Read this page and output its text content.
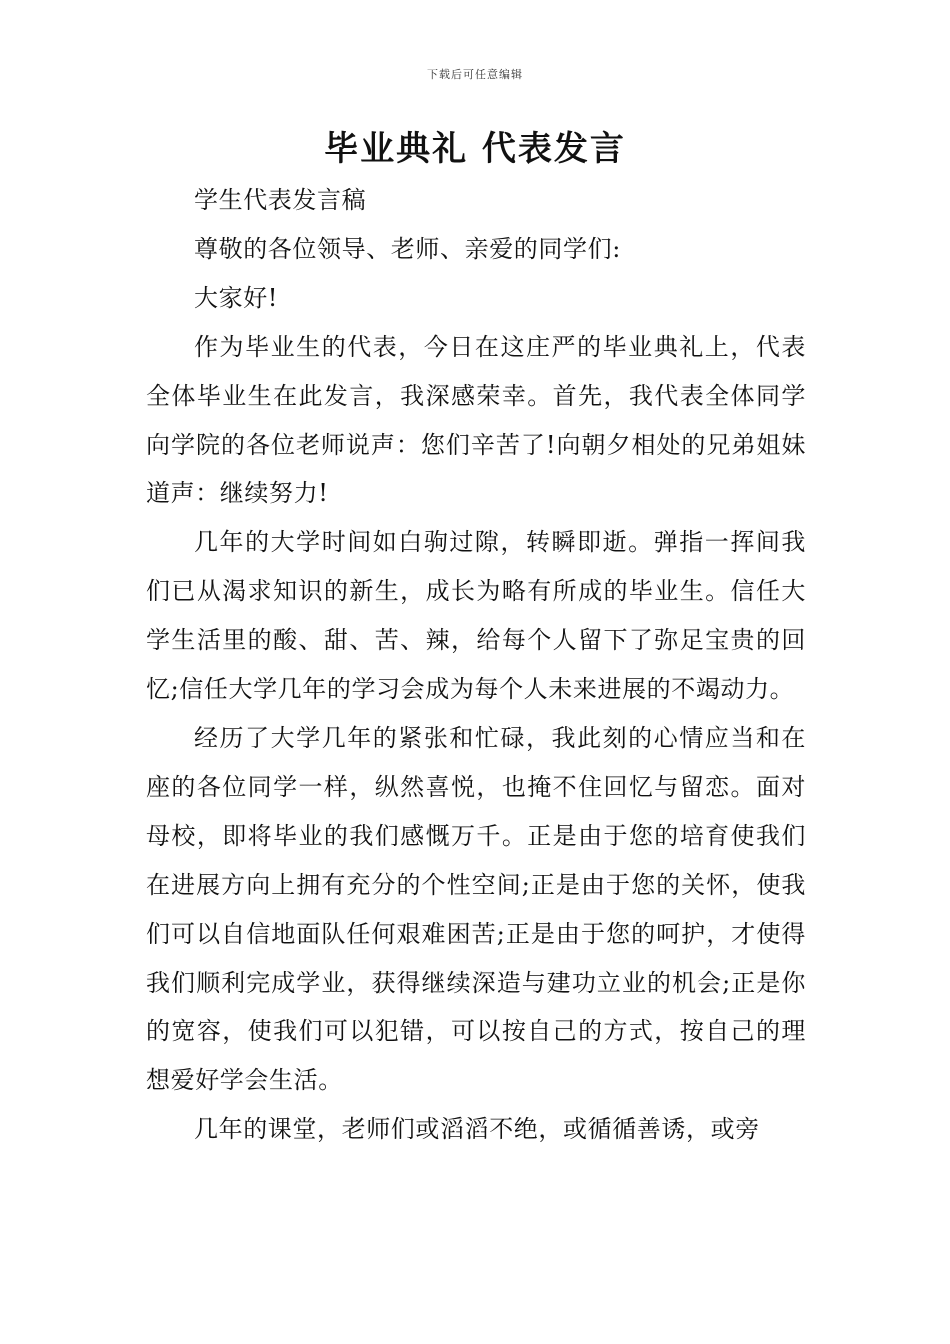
下载后可任意编辑
毕业典礼 代表发言

学生代表发言稿

尊敬的各位领导、老师、亲爱的同学们:

大家好!

作为毕业生的代表，今日在这庄严的毕业典礼上，代表全体毕业生在此发言，我深感荣幸。首先，我代表全体同学向学院的各位老师说声：您们辛苦了!向朝夕相处的兄弟姐妹道声：继续努力!

几年的大学时间如白驹过隙，转瞬即逝。弹指一挥间我们已从渴求知识的新生，成长为略有所成的毕业生。信任大学生活里的酸、甜、苦、辣，给每个人留下了弥足宝贵的回忆;信任大学几年的学习会成为每个人未来进展的不竭动力。

经历了大学几年的紧张和忙碌，我此刻的心情应当和在座的各位同学一样，纵然喜悦，也掩不住回忆与留恋。面对母校，即将毕业的我们感慨万千。正是由于您的培育使我们在进展方向上拥有充分的个性空间;正是由于您的关怀，使我们可以自信地面队任何艰难困苦;正是由于您的呵护，才使得我们顺利完成学业，获得继续深造与建功立业的机会;正是你的宽容，使我们可以犯错，可以按自己的方式，按自己的理想爱好学会生活。

几年的课堂，老师们或滔滔不绝，或循循善诱，或旁
